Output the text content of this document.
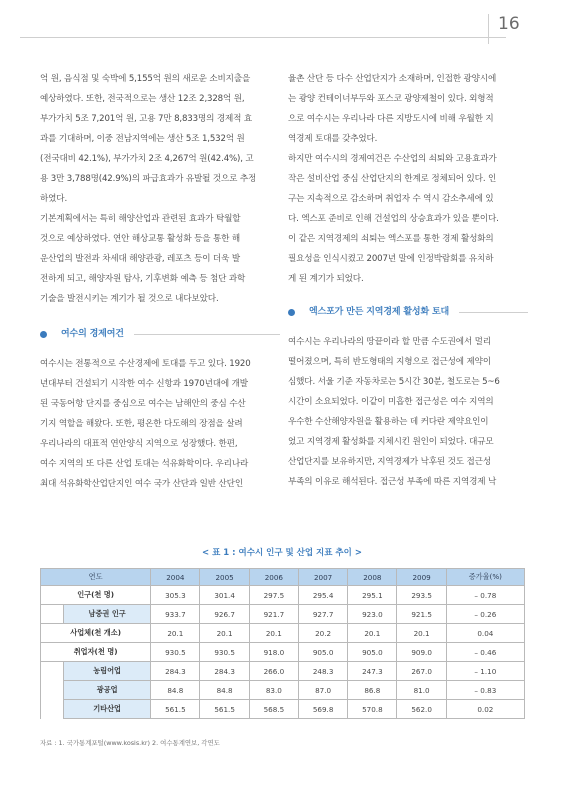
16

억 원, 음식점 및 숙박에 5,155억 원의 새로운 소비지출을
예상하였다. 또한, 전국적으로는 생산 12조 2,328억 원,
부가가치 5조 7,201억 원, 고용 7만 8,833명의 경제적 효
과를 기대하며, 이중 전남지역에는 생산 5조 1,532억 원
(전국대비 42.1%), 부가가치 2조 4,267억 원(42.4%), 고
용 3만 3,788명(42.9%)의 파급효과가 유발될 것으로 추정
하였다.

기본계획에서는 특히 해양산업과 관련된 효과가 탁월할
것으로 예상하였다. 연안 해상교통 활성화 등을 통한 해
운산업의 발전과 차세대 해양관광, 레포츠 등이 더욱 발
전하게 되고, 해양자원 탐사, 기후변화 예측 등 첨단 과학
기술을 발전시키는 계기가 될 것으로 내다보았다.

여수의 경제여건

여수시는 전통적으로 수산경제에 토대를 두고 있다. 1920
년대부터 건설되기 시작한 여수 신항과 1970년대에 개발
된 국동어항 단지를 중심으로 여수는 남해안의 중심 수산
기지 역할을 해왔다. 또한, 평온한 다도해의 장점을 살려
우리나라의 대표적 연안양식 지역으로 성장했다. 한편,
여수 지역의 또 다른 산업 토대는 석유화학이다. 우리나라
최대 석유화학산업단지인 여수 국가 산단과 일반 산단인

율촌 산단 등 다수 산업단지가 소재하며, 인접한 광양시에
는 광양 컨테이너부두와 포스코 광양제철이 있다. 외형적
으로 여수시는 우리나라 다른 지방도시에 비해 우월한 지
역경제 토대를 갖추었다.

하지만 여수시의 경제여건은 수산업의 쇠퇴와 고용효과가
작은 설비산업 중심 산업단지의 한계로 정체되어 있다. 인
구는 지속적으로 감소하며 취업자 수 역시 감소추세에 있
다. 엑스포 준비로 인해 건설업의 상승효과가 있을 뿐이다.
이 같은 지역경제의 쇠퇴는 엑스포를 통한 경제 활성화의
필요성을 인식시켰고 2007년 말에 인정박람회를 유치하
게 된 계기가 되었다.

엑스포가 만든 지역경제 활성화 토대

여수시는 우리나라의 땅끝이라 할 만큼 수도권에서 멀리
떨어졌으며, 특히 반도형태의 지형으로 접근성에 제약이
심했다. 서울 기준 자동차로는 5시간 30분, 철도로는 5~6
시간이 소요되었다. 이같이 미흡한 접근성은 여수 지역의
우수한 수산해양자원을 활용하는 데 커다란 제약요인이
었고 지역경제 활성화를 지체시킨 원인이 되었다. 대규모
산업단지를 보유하지만, 지역경제가 낙후된 것도 접근성
부족의 이유로 해석된다. 접근성 부족에 따른 지역경제 낙

< 표 1 : 여수시 인구 및 산업 지표 추이 >
연도		2004	2005	2006	2007	2008	2009	증가율(%)
인구(천 명)		305.3	301.4	297.5	295.4	295.1	293.5	– 0.78
	남중권 인구	933.7	926.7	921.7	927.7	923.0	921.5	– 0.26
사업체(천 개소)		20.1	20.1	20.1	20.2	20.1	20.1	0.04
취업자(천 명)		930.5	930.5	918.0	905.0	905.0	909.0	– 0.46
	농림어업	284.3	284.3	266.0	248.3	247.3	267.0	– 1.10
	광공업	84.8	84.8	83.0	87.0	86.8	81.0	– 0.83
	기타산업	561.5	561.5	568.5	569.8	570.8	562.0	0.02
자료 : 1. 국가통계포털(www.kosis.kr) 2. 여수통계연보, 각연도
